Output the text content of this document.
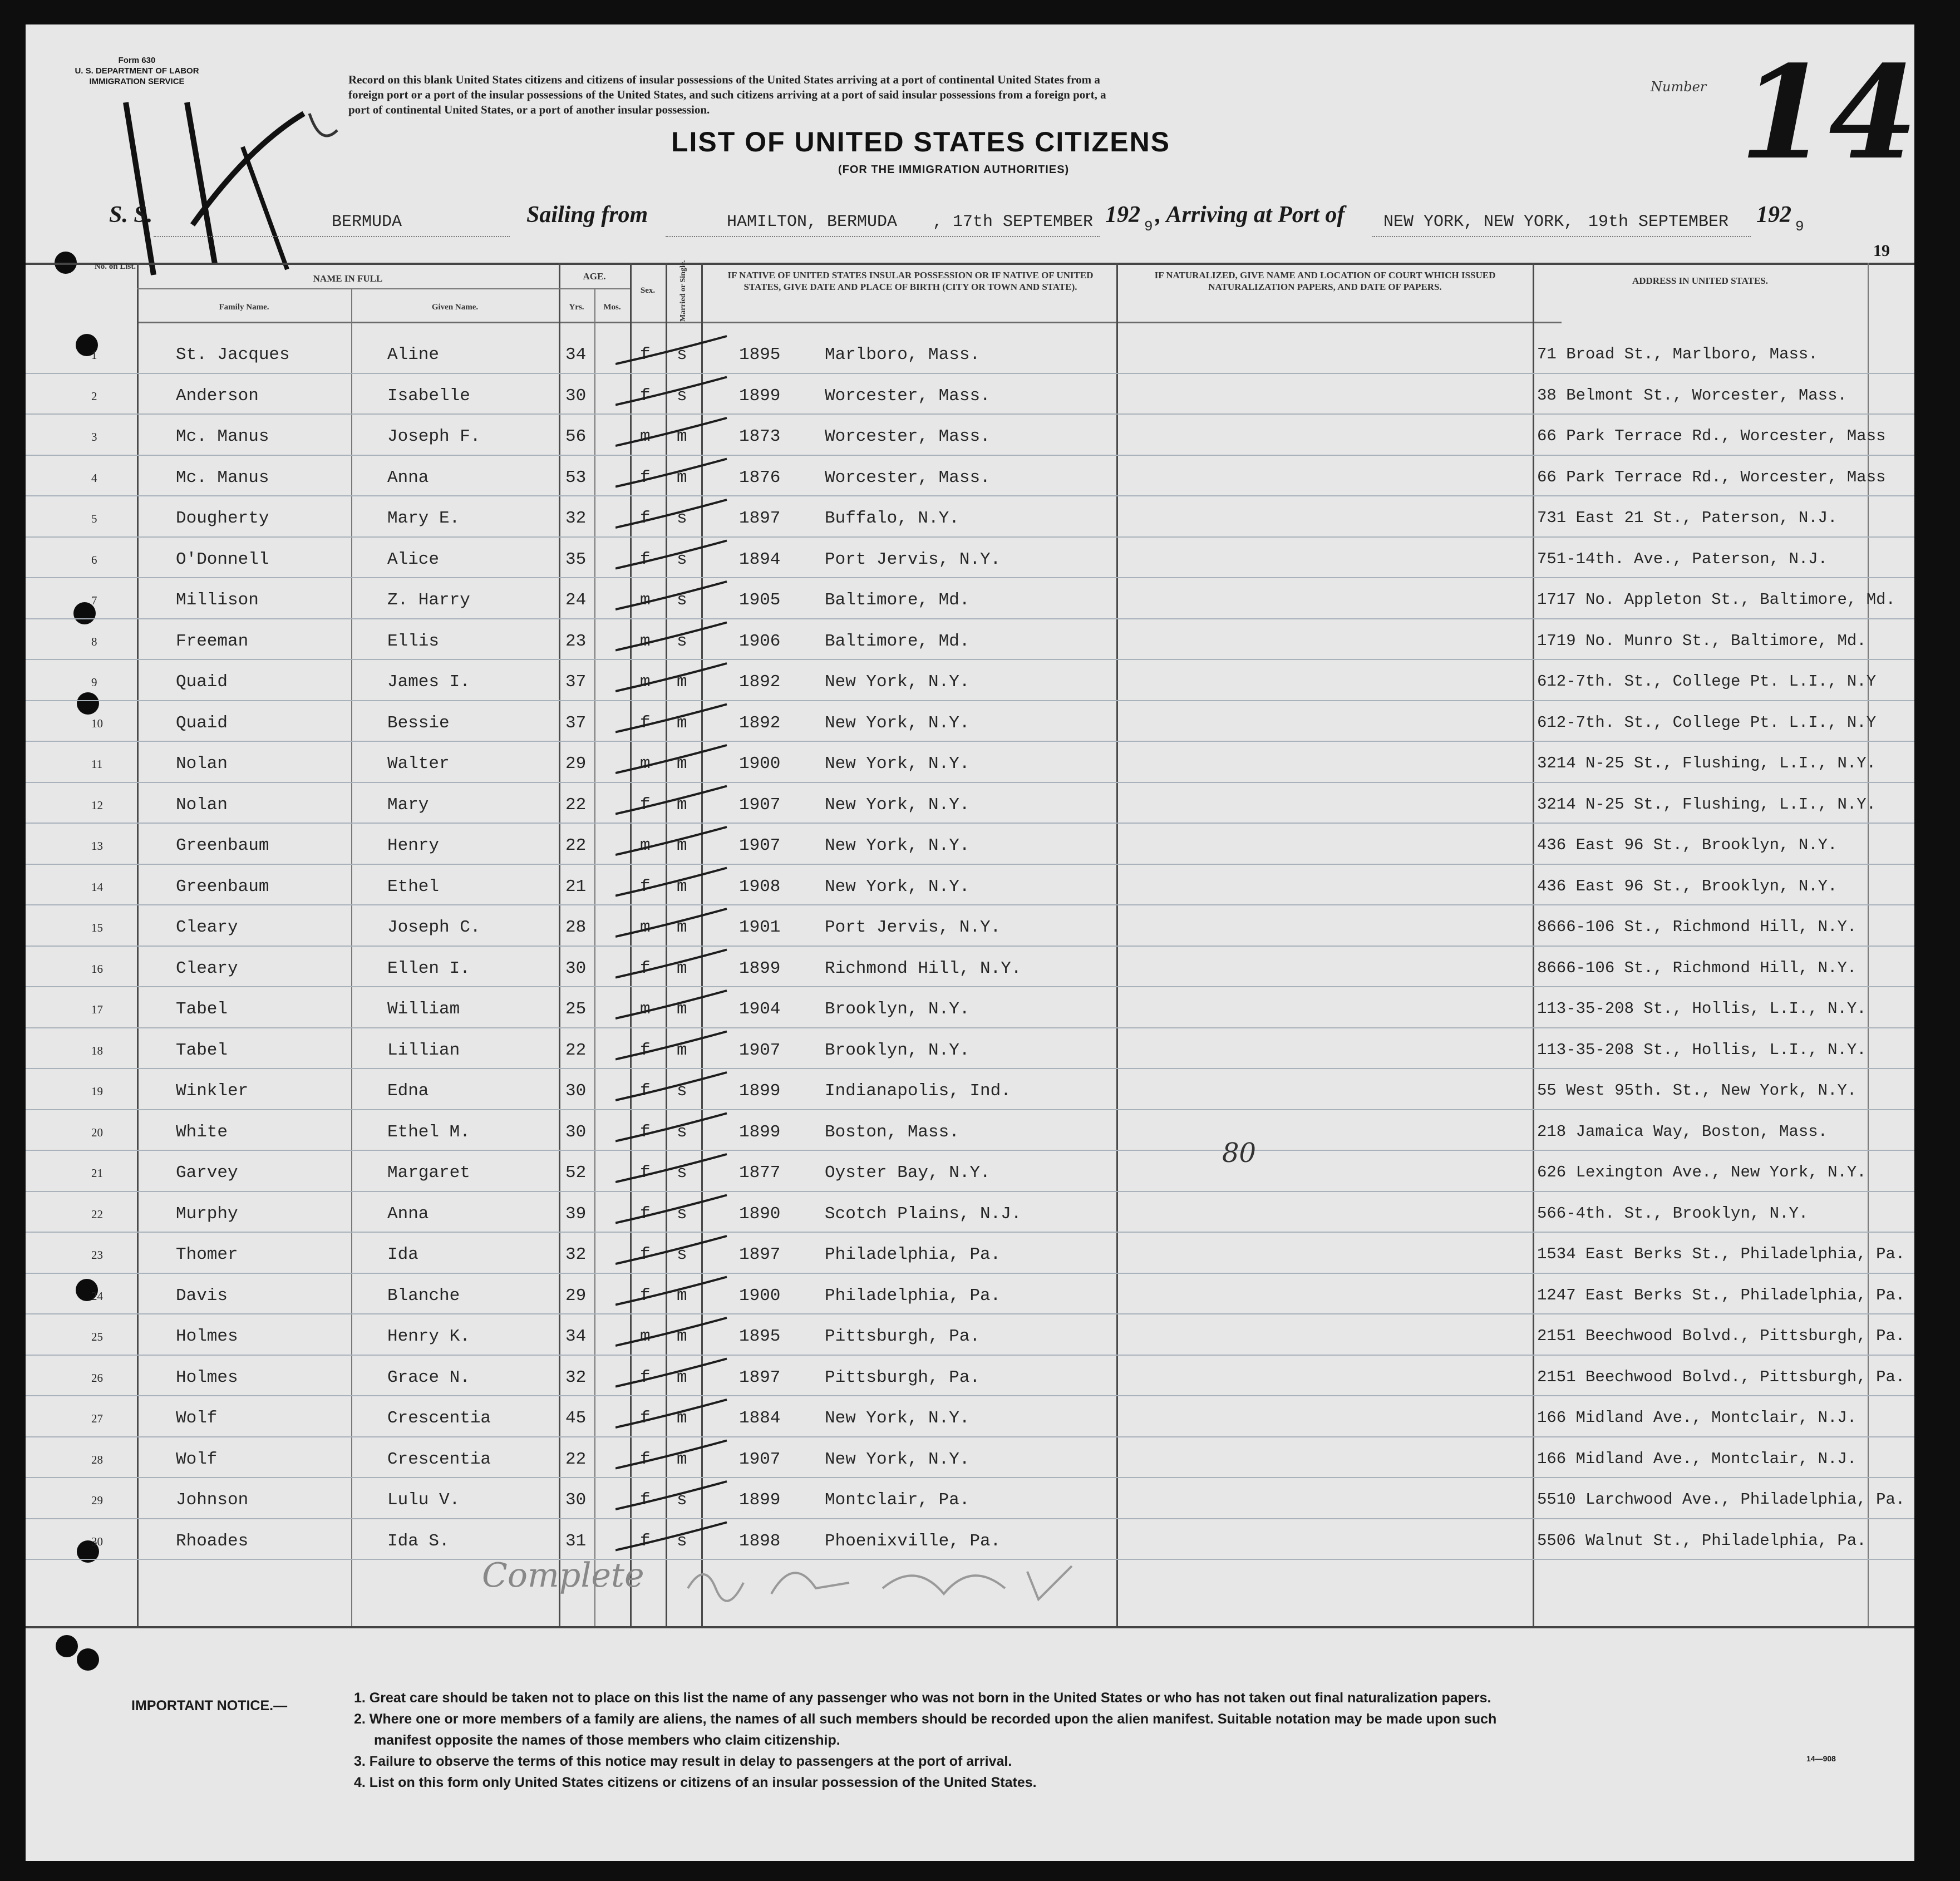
Form 630
U. S. DEPARTMENT OF LABOR
IMMIGRATION SERVICE	Record on this blank United States citizens and citizens of insular possessions of the United States arriving at a port of continental United States from a
foreign port or a port of the insular possessions of the United States, and such citizens arriving at a port of said insular possessions from a foreign port, a
port of continental United States, or a port of another insular possession.
Number 14
LIST OF UNITED STATES CITIZENS
(FOR THE IMMIGRATION AUTHORITIES)
S. S.	BERMUDA	Sailing from	HAMILTON, BERMUDA , 17th SEPTEMBER 192 9 , Arriving at Port of NEW YORK, NEW YORK, 19th SEPTEMBER 192 9
19
No. on List.
NAME IN FULL
Family Name.	Given Name.
AGE.
Yrs.	Mos.
Sex.	Married or Single.	IF NATIVE OF UNITED STATES INSULAR POSSESSION OR IF NATIVE OF UNITED STATES, GIVE DATE AND PLACE OF BIRTH (CITY OR TOWN AND STATE).
IF NATURALIZED, GIVE NAME AND LOCATION OF COURT WHICH ISSUED NATURALIZATION PAPERS, AND DATE OF PAPERS.
ADDRESS IN UNITED STATES.
1	St. Jacques	Aline	34	f s	1895	Marlboro, Mass.	71 Broad St., Marlboro, Mass.
2	Anderson	Isabelle	30	f s	1899	Worcester, Mass.	38 Belmont St., Worcester, Mass.
3	Mc. Manus	Joseph F.	56	m m	1873	Worcester, Mass.	66 Park Terrace Rd., Worcester, Mass
4	Mc. Manus	Anna	53	f m	1876	Worcester, Mass.	66 Park Terrace Rd., Worcester, Mass
5	Dougherty	Mary E.	32	f s	1897	Buffalo, N.Y.	731 East 21 St., Paterson, N.J.
6	O'Donnell	Alice	35	f s	1894	Port Jervis, N.Y.	751-14th. Ave., Paterson, N.J.
7	Millison	Z. Harry	24	m s	1905	Baltimore, Md.	1717 No. Appleton St., Baltimore, Md.
8	Freeman	Ellis	23	m s	1906	Baltimore, Md.	1719 No. Munro St., Baltimore, Md.
9	Quaid	James I.	37	m m	1892	New York, N.Y.	612-7th. St., College Pt. L.I., N.Y
10	Quaid	Bessie	37	f m	1892	New York, N.Y.	612-7th. St., College Pt. L.I., N.Y
11	Nolan	Walter	29	m m	1900	New York, N.Y.	3214 N-25 St., Flushing, L.I., N.Y.
12	Nolan	Mary	22	f m	1907	New York, N.Y.	3214 N-25 St., Flushing, L.I., N.Y.
13	Greenbaum	Henry	22	m m	1907	New York, N.Y.	436 East 96 St., Brooklyn, N.Y.
14	Greenbaum	Ethel	21	f m	1908	New York, N.Y.	436 East 96 St., Brooklyn, N.Y.
15	Cleary	Joseph C.	28	m m	1901	Port Jervis, N.Y.	8666-106 St., Richmond Hill, N.Y.
16	Cleary	Ellen I.	30	f m	1899	Richmond Hill, N.Y.	8666-106 St., Richmond Hill, N.Y.
17	Tabel	William	25	m m	1904	Brooklyn, N.Y.	113-35-208 St., Hollis, L.I., N.Y.
18	Tabel	Lillian	22	f m	1907	Brooklyn, N.Y.	113-35-208 St., Hollis, L.I., N.Y.
19	Winkler	Edna	30	f s	1899	Indianapolis, Ind.	55 West 95th. St., New York, N.Y.
20	White	Ethel M.	30	f s	1899	Boston, Mass.	218 Jamaica Way, Boston, Mass.
21	Garvey	Margaret	52	f s	1877	Oyster Bay, N.Y.	626 Lexington Ave., New York, N.Y.
22	Murphy	Anna	39	f s	1890	Scotch Plains, N.J.	566-4th. St., Brooklyn, N.Y.
23	Thomer	Ida	32	f s	1897	Philadelphia, Pa.	1534 East Berks St., Philadelphia, Pa.
24	Davis	Blanche	29	f m	1900	Philadelphia, Pa.	1247 East Berks St., Philadelphia, Pa.
25	Holmes	Henry K.	34	m m	1895	Pittsburgh, Pa.	2151 Beechwood Bolvd., Pittsburgh, Pa.
26	Holmes	Grace N.	32	f m	1897	Pittsburgh, Pa.	2151 Beechwood Bolvd., Pittsburgh, Pa.
27	Wolf	Crescentia	45	f m	1884	New York, N.Y.	166 Midland Ave., Montclair, N.J.
28	Wolf	Crescentia	22	f m	1907	New York, N.Y.	166 Midland Ave., Montclair, N.J.
29	Johnson	Lulu V.	30	f s	1899	Montclair, Pa.	5510 Larchwood Ave., Philadelphia, Pa.
30	Rhoades	Ida S.	31	f s	1898	Phoenixville, Pa.	5506 Walnut St., Philadelphia, Pa.
80
Complete
IMPORTANT NOTICE.—	1. Great care should be taken not to place on this list the name of any passenger who was not born in the United States or who has not taken out final naturalization papers.
2. Where one or more members of a family are aliens, the names of all such members should be recorded upon the alien manifest. Suitable notation may be made upon such
manifest opposite the names of those members who claim citizenship.
3. Failure to observe the terms of this notice may result in delay to passengers at the port of arrival.
4. List on this form only United States citizens or citizens of an insular possession of the United States.
14—908
